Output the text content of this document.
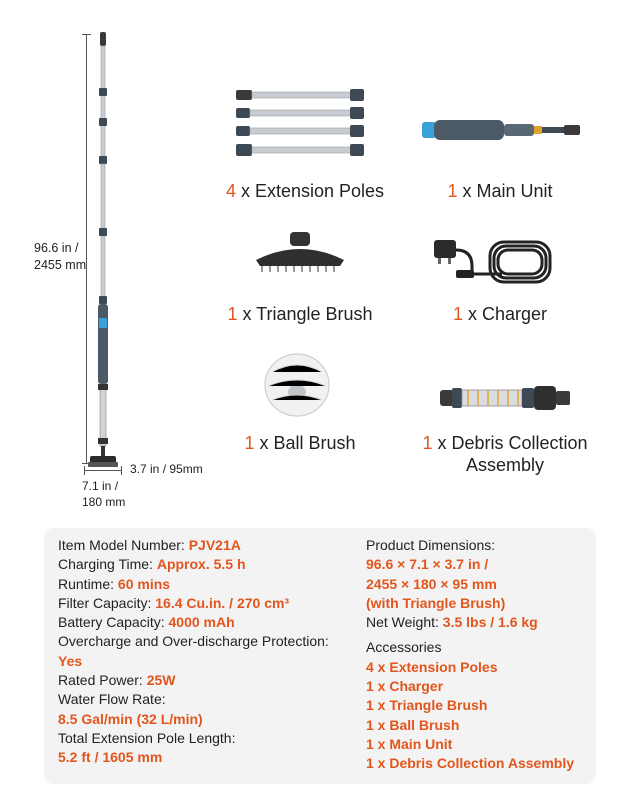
96.6 in /
2455 mm
7.1 in /
180 mm
3.7 in / 95mm
4 x Extension Poles	1 x Main Unit
1 x Triangle Brush	1 x Charger
1 x Ball Brush	1 x Debris Collection
Assembly
Item Model Number: PJV21A
Charging Time: Approx. 5.5 h
Runtime: 60 mins
Filter Capacity: 16.4 Cu.in. / 270 cm³
Battery Capacity: 4000 mAh
Overcharge and Over-discharge Protection:
Yes
Rated Power: 25W
Water Flow Rate:
8.5 Gal/min (32 L/min)
Total Extension Pole Length:
5.2 ft / 1605 mm
Product Dimensions:
96.6 × 7.1 × 3.7 in /
2455 × 180 × 95 mm
(with Triangle Brush)
Net Weight: 3.5 lbs / 1.6 kg
Accessories
4 x Extension Poles
1 x Charger
1 x Triangle Brush
1 x Ball Brush
1 x Main Unit
1 x Debris Collection Assembly
